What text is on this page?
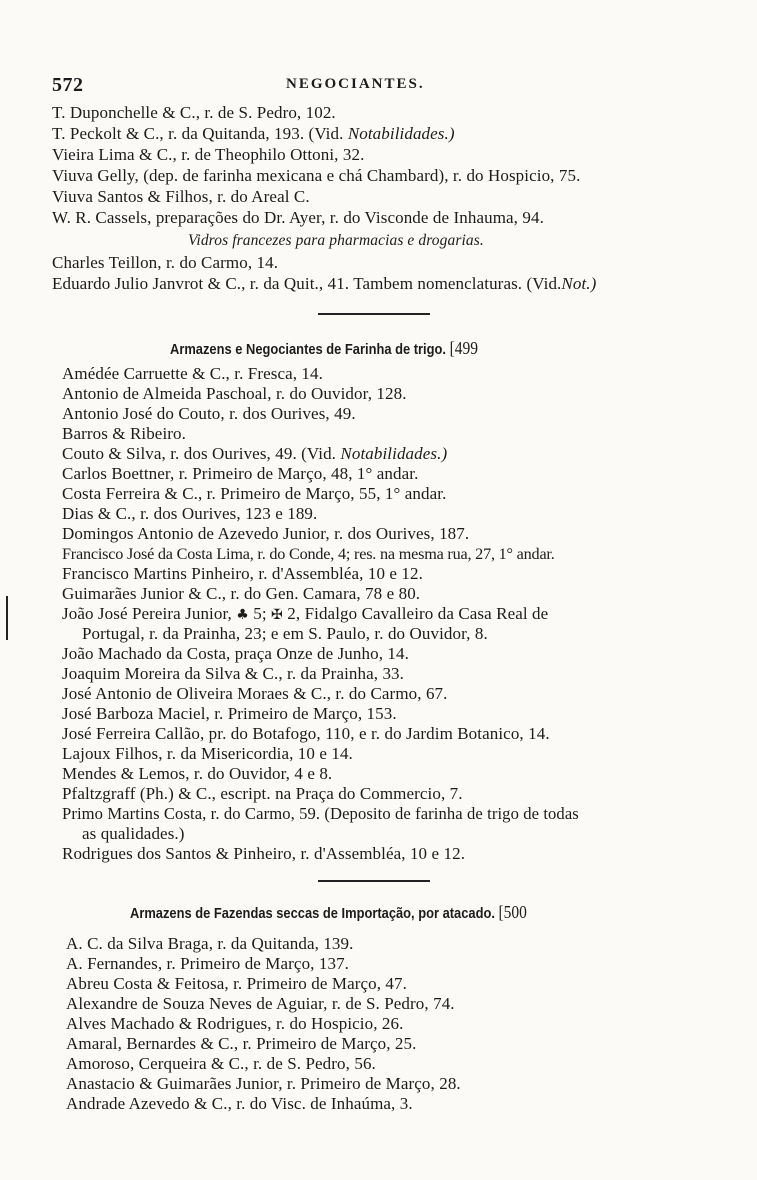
572	NEGOCIANTES.
T. Duponchelle & C., r. de S. Pedro, 102.
T. Peckolt & C., r. da Quitanda, 193. (Vid. Notabilidades.)
Vieira Lima & C., r. de Theophilo Ottoni, 32.
Viuva Gelly, (dep. de farinha mexicana e chá Chambard), r. do Hospicio, 75.
Viuva Santos & Filhos, r. do Areal C.
W. R. Cassels, preparações do Dr. Ayer, r. do Visconde de Inhauma, 94.
Vidros francezes para pharmacias e drogarias.
Charles Teillon, r. do Carmo, 14.
Eduardo Julio Janvrot & C., r. da Quit., 41. Tambem nomenclaturas. (Vid.Not.)
Armazens e Negociantes de Farinha de trigo. [499
Amédée Carruette & C., r. Fresca, 14.
Antonio de Almeida Paschoal, r. do Ouvidor, 128.
Antonio José do Couto, r. dos Ourives, 49.
Barros & Ribeiro.
Couto & Silva, r. dos Ourives, 49. (Vid. Notabilidades.)
Carlos Boettner, r. Primeiro de Março, 48, 1° andar.
Costa Ferreira & C., r. Primeiro de Março, 55, 1° andar.
Dias & C., r. dos Ourives, 123 e 189.
Domingos Antonio de Azevedo Junior, r. dos Ourives, 187.
Francisco José da Costa Lima, r. do Conde, 4; res. na mesma rua, 27, 1° andar.
Francisco Martins Pinheiro, r. d'Assembléa, 10 e 12.
Guimarães Junior & C., r. do Gen. Camara, 78 e 80.
João José Pereira Junior, ♣ 5; ✠ 2, Fidalgo Cavalleiro da Casa Real de
Portugal, r. da Prainha, 23; e em S. Paulo, r. do Ouvidor, 8.
João Machado da Costa, praça Onze de Junho, 14.
Joaquim Moreira da Silva & C., r. da Prainha, 33.
José Antonio de Oliveira Moraes & C., r. do Carmo, 67.
José Barboza Maciel, r. Primeiro de Março, 153.
José Ferreira Callão, pr. do Botafogo, 110, e r. do Jardim Botanico, 14.
Lajoux Filhos, r. da Misericordia, 10 e 14.
Mendes & Lemos, r. do Ouvidor, 4 e 8.
Pfaltzgraff (Ph.) & C., escript. na Praça do Commercio, 7.
Primo Martins Costa, r. do Carmo, 59. (Deposito de farinha de trigo de todas
as qualidades.)
Rodrigues dos Santos & Pinheiro, r. d'Assembléa, 10 e 12.
Armazens de Fazendas seccas de Importação, por atacado. [500
A. C. da Silva Braga, r. da Quitanda, 139.
A. Fernandes, r. Primeiro de Março, 137.
Abreu Costa & Feitosa, r. Primeiro de Março, 47.
Alexandre de Souza Neves de Aguiar, r. de S. Pedro, 74.
Alves Machado & Rodrigues, r. do Hospicio, 26.
Amaral, Bernardes & C., r. Primeiro de Março, 25.
Amoroso, Cerqueira & C., r. de S. Pedro, 56.
Anastacio & Guimarães Junior, r. Primeiro de Março, 28.
Andrade Azevedo & C., r. do Visc. de Inhaúma, 3.
